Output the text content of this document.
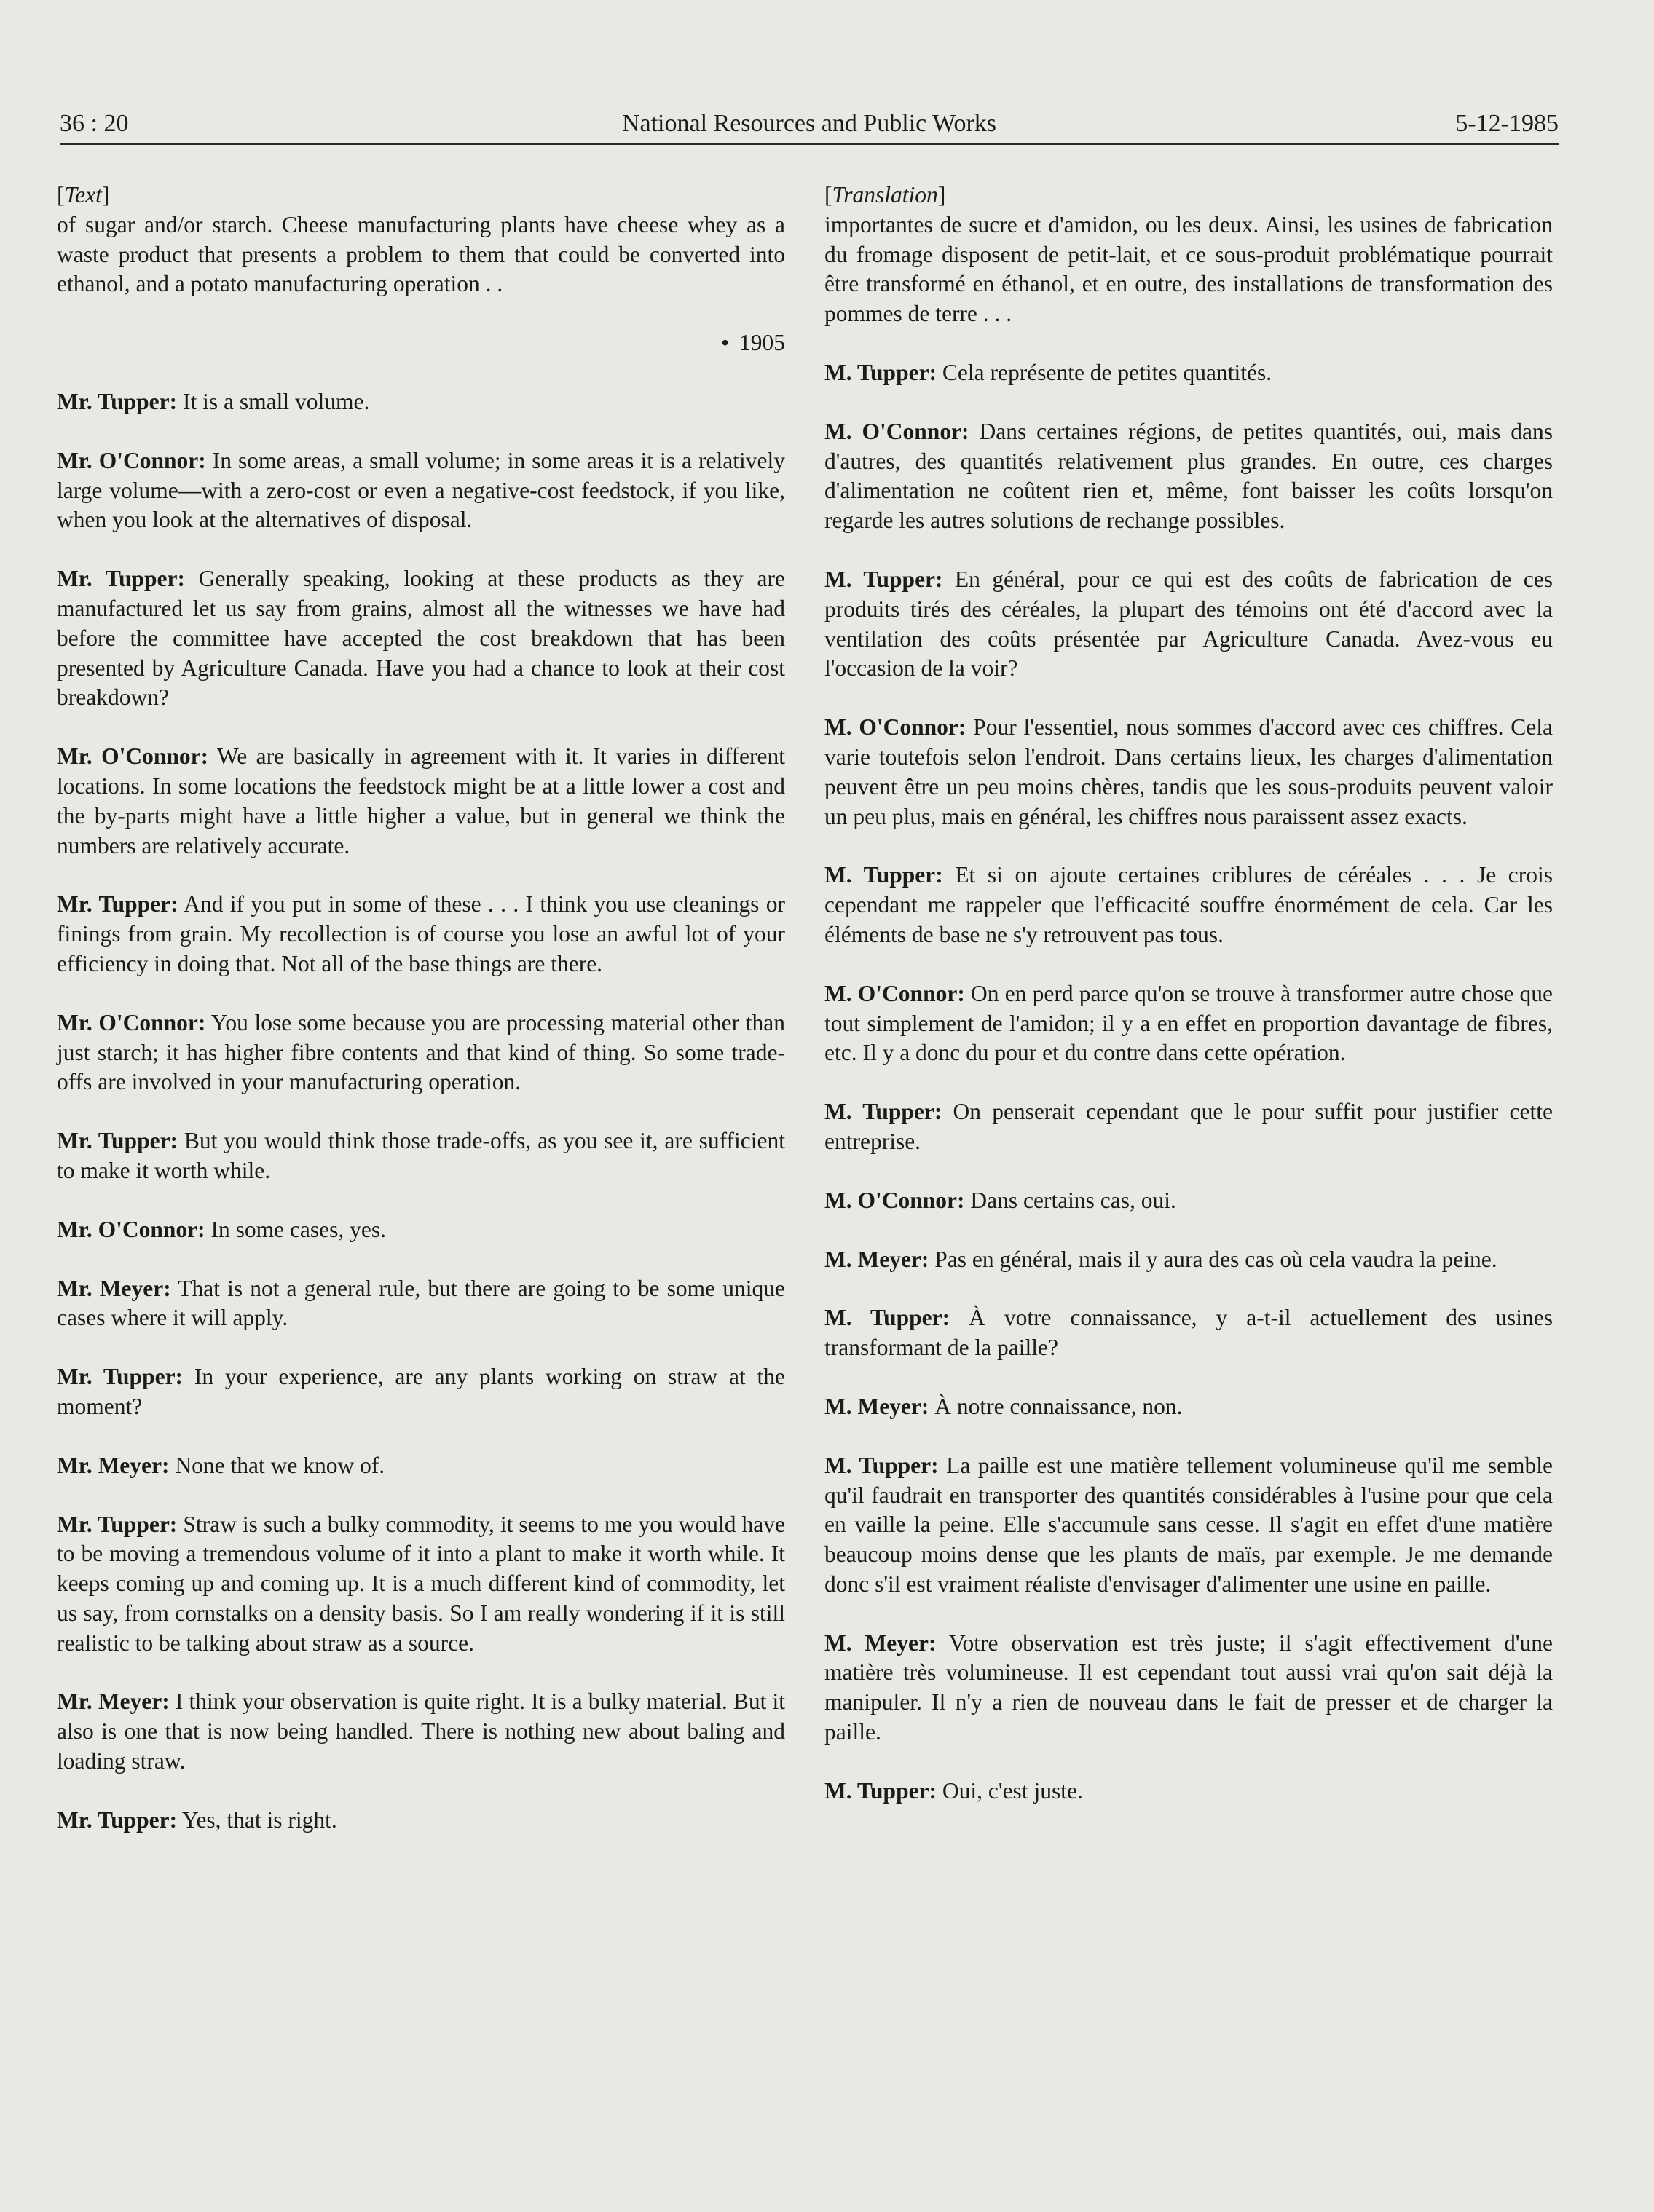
36 : 20	National Resources and Public Works	5-12-1985
[Text]

of sugar and/or starch. Cheese manufacturing plants have cheese whey as a waste product that presents a problem to them that could be converted into ethanol, and a potato manufacturing operation . .

• 1905

Mr. Tupper: It is a small volume.

Mr. O'Connor: In some areas, a small volume; in some areas it is a relatively large volume—with a zero-cost or even a negative-cost feedstock, if you like, when you look at the alternatives of disposal.

Mr. Tupper: Generally speaking, looking at these products as they are manufactured let us say from grains, almost all the witnesses we have had before the committee have accepted the cost breakdown that has been presented by Agriculture Canada. Have you had a chance to look at their cost breakdown?

Mr. O'Connor: We are basically in agreement with it. It varies in different locations. In some locations the feedstock might be at a little lower a cost and the by-parts might have a little higher a value, but in general we think the numbers are relatively accurate.

Mr. Tupper: And if you put in some of these . . . I think you use cleanings or finings from grain. My recollection is of course you lose an awful lot of your efficiency in doing that. Not all of the base things are there.

Mr. O'Connor: You lose some because you are processing material other than just starch; it has higher fibre contents and that kind of thing. So some trade-offs are involved in your manufacturing operation.

Mr. Tupper: But you would think those trade-offs, as you see it, are sufficient to make it worth while.

Mr. O'Connor: In some cases, yes.

Mr. Meyer: That is not a general rule, but there are going to be some unique cases where it will apply.

Mr. Tupper: In your experience, are any plants working on straw at the moment?

Mr. Meyer: None that we know of.

Mr. Tupper: Straw is such a bulky commodity, it seems to me you would have to be moving a tremendous volume of it into a plant to make it worth while. It keeps coming up and coming up. It is a much different kind of commodity, let us say, from cornstalks on a density basis. So I am really wondering if it is still realistic to be talking about straw as a source.

Mr. Meyer: I think your observation is quite right. It is a bulky material. But it also is one that is now being handled. There is nothing new about baling and loading straw.

Mr. Tupper: Yes, that is right.

[Translation]

importantes de sucre et d'amidon, ou les deux. Ainsi, les usines de fabrication du fromage disposent de petit-lait, et ce sous-produit problématique pourrait être transformé en éthanol, et en outre, des installations de transformation des pommes de terre . . .

M. Tupper: Cela représente de petites quantités.

M. O'Connor: Dans certaines régions, de petites quantités, oui, mais dans d'autres, des quantités relativement plus grandes. En outre, ces charges d'alimentation ne coûtent rien et, même, font baisser les coûts lorsqu'on regarde les autres solutions de rechange possibles.

M. Tupper: En général, pour ce qui est des coûts de fabrication de ces produits tirés des céréales, la plupart des témoins ont été d'accord avec la ventilation des coûts présentée par Agriculture Canada. Avez-vous eu l'occasion de la voir?

M. O'Connor: Pour l'essentiel, nous sommes d'accord avec ces chiffres. Cela varie toutefois selon l'endroit. Dans certains lieux, les charges d'alimentation peuvent être un peu moins chères, tandis que les sous-produits peuvent valoir un peu plus, mais en général, les chiffres nous paraissent assez exacts.

M. Tupper: Et si on ajoute certaines criblures de céréales . . . Je crois cependant me rappeler que l'efficacité souffre énormément de cela. Car les éléments de base ne s'y retrouvent pas tous.

M. O'Connor: On en perd parce qu'on se trouve à transformer autre chose que tout simplement de l'amidon; il y a en effet en proportion davantage de fibres, etc. Il y a donc du pour et du contre dans cette opération.

M. Tupper: On penserait cependant que le pour suffit pour justifier cette entreprise.

M. O'Connor: Dans certains cas, oui.

M. Meyer: Pas en général, mais il y aura des cas où cela vaudra la peine.

M. Tupper: À votre connaissance, y a-t-il actuellement des usines transformant de la paille?

M. Meyer: À notre connaissance, non.

M. Tupper: La paille est une matière tellement volumineuse qu'il me semble qu'il faudrait en transporter des quantités considérables à l'usine pour que cela en vaille la peine. Elle s'accumule sans cesse. Il s'agit en effet d'une matière beaucoup moins dense que les plants de maïs, par exemple. Je me demande donc s'il est vraiment réaliste d'envisager d'alimenter une usine en paille.

M. Meyer: Votre observation est très juste; il s'agit effectivement d'une matière très volumineuse. Il est cependant tout aussi vrai qu'on sait déjà la manipuler. Il n'y a rien de nouveau dans le fait de presser et de charger la paille.

M. Tupper: Oui, c'est juste.
